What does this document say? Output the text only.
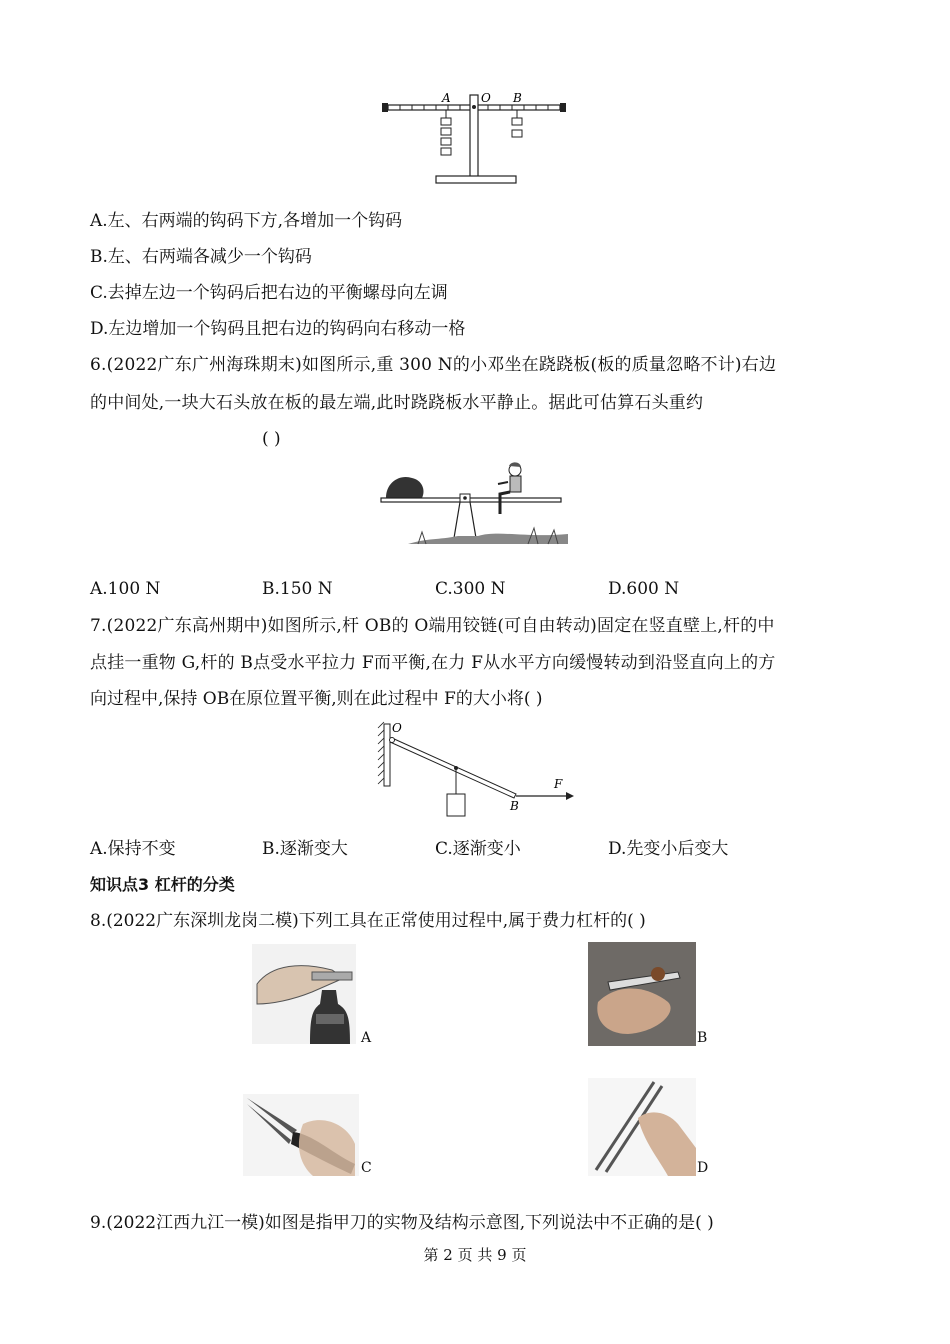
A	O B
A.左、右两端的钩码下方,各增加一个钩码
B.左、右两端各减少一个钩码
C.去掉左边一个钩码后把右边的平衡螺母向左调
D.左边增加一个钩码且把右边的钩码向右移动一格
6.(2022广东广州海珠期末)如图所示,重 300 N的小邓坐在跷跷板(板的质量忽略不计)右边
的中间处,一块大石头放在板的最左端,此时跷跷板水平静止。据此可估算石头重约
( )
A.100 N	B.150 N	C.300 N	D.600 N
7.(2022广东高州期中)如图所示,杆 OB的 O端用铰链(可自由转动)固定在竖直壁上,杆的中
点挂一重物 G,杆的 B点受水平拉力 F而平衡,在力 F从水平方向缓慢转动到沿竖直向上的方
向过程中,保持 OB在原位置平衡,则在此过程中 F的大小将( )
O
B
F
A.保持不变	B.逐渐变大	C.逐渐变小	D.先变小后变大
知识点3 杠杆的分类
8.(2022广东深圳龙岗二模)下列工具在正常使用过程中,属于费力杠杆的( )
A	B
C	D
9.(2022江西九江一模)如图是指甲刀的实物及结构示意图,下列说法中不正确的是( )
第 2 页 共 9 页
